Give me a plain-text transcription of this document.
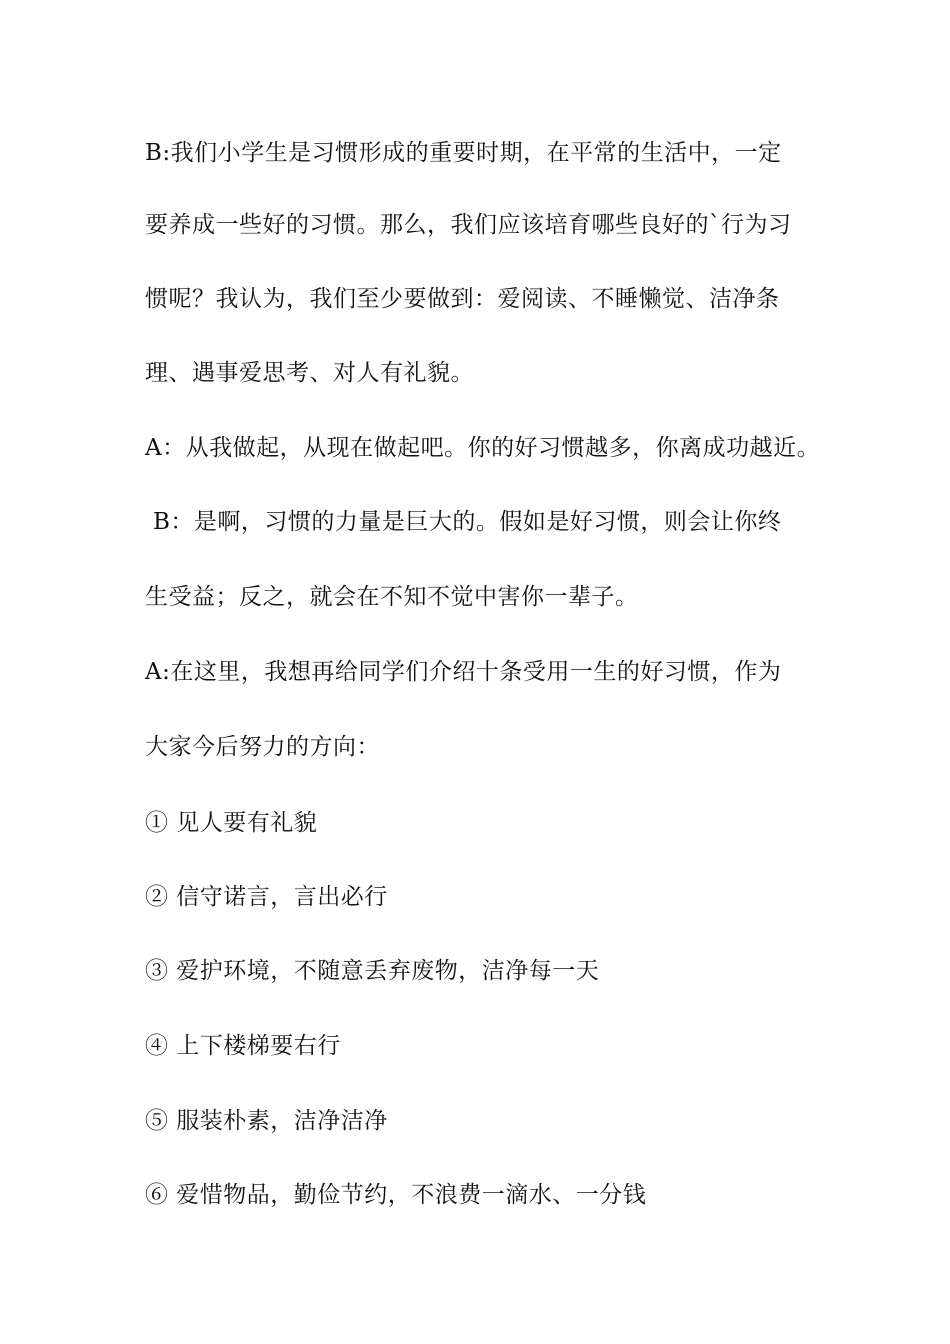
B:我们小学生是习惯形成的重要时期，在平常的生活中，一定
要养成一些好的习惯。那么，我们应该培育哪些良好的`行为习
惯呢？我认为，我们至少要做到：爱阅读、不睡懒觉、洁净条
理、遇事爱思考、对人有礼貌。
A：从我做起，从现在做起吧。你的好习惯越多，你离成功越近。
B：是啊，习惯的力量是巨大的。假如是好习惯，则会让你终
生受益；反之，就会在不知不觉中害你一辈子。
A:在这里，我想再给同学们介绍十条受用一生的好习惯，作为
大家今后努力的方向：
① 见人要有礼貌
② 信守诺言，言出必行
③ 爱护环境，不随意丢弃废物，洁净每一天
④ 上下楼梯要右行
⑤ 服装朴素，洁净洁净
⑥ 爱惜物品，勤俭节约，不浪费一滴水、一分钱
